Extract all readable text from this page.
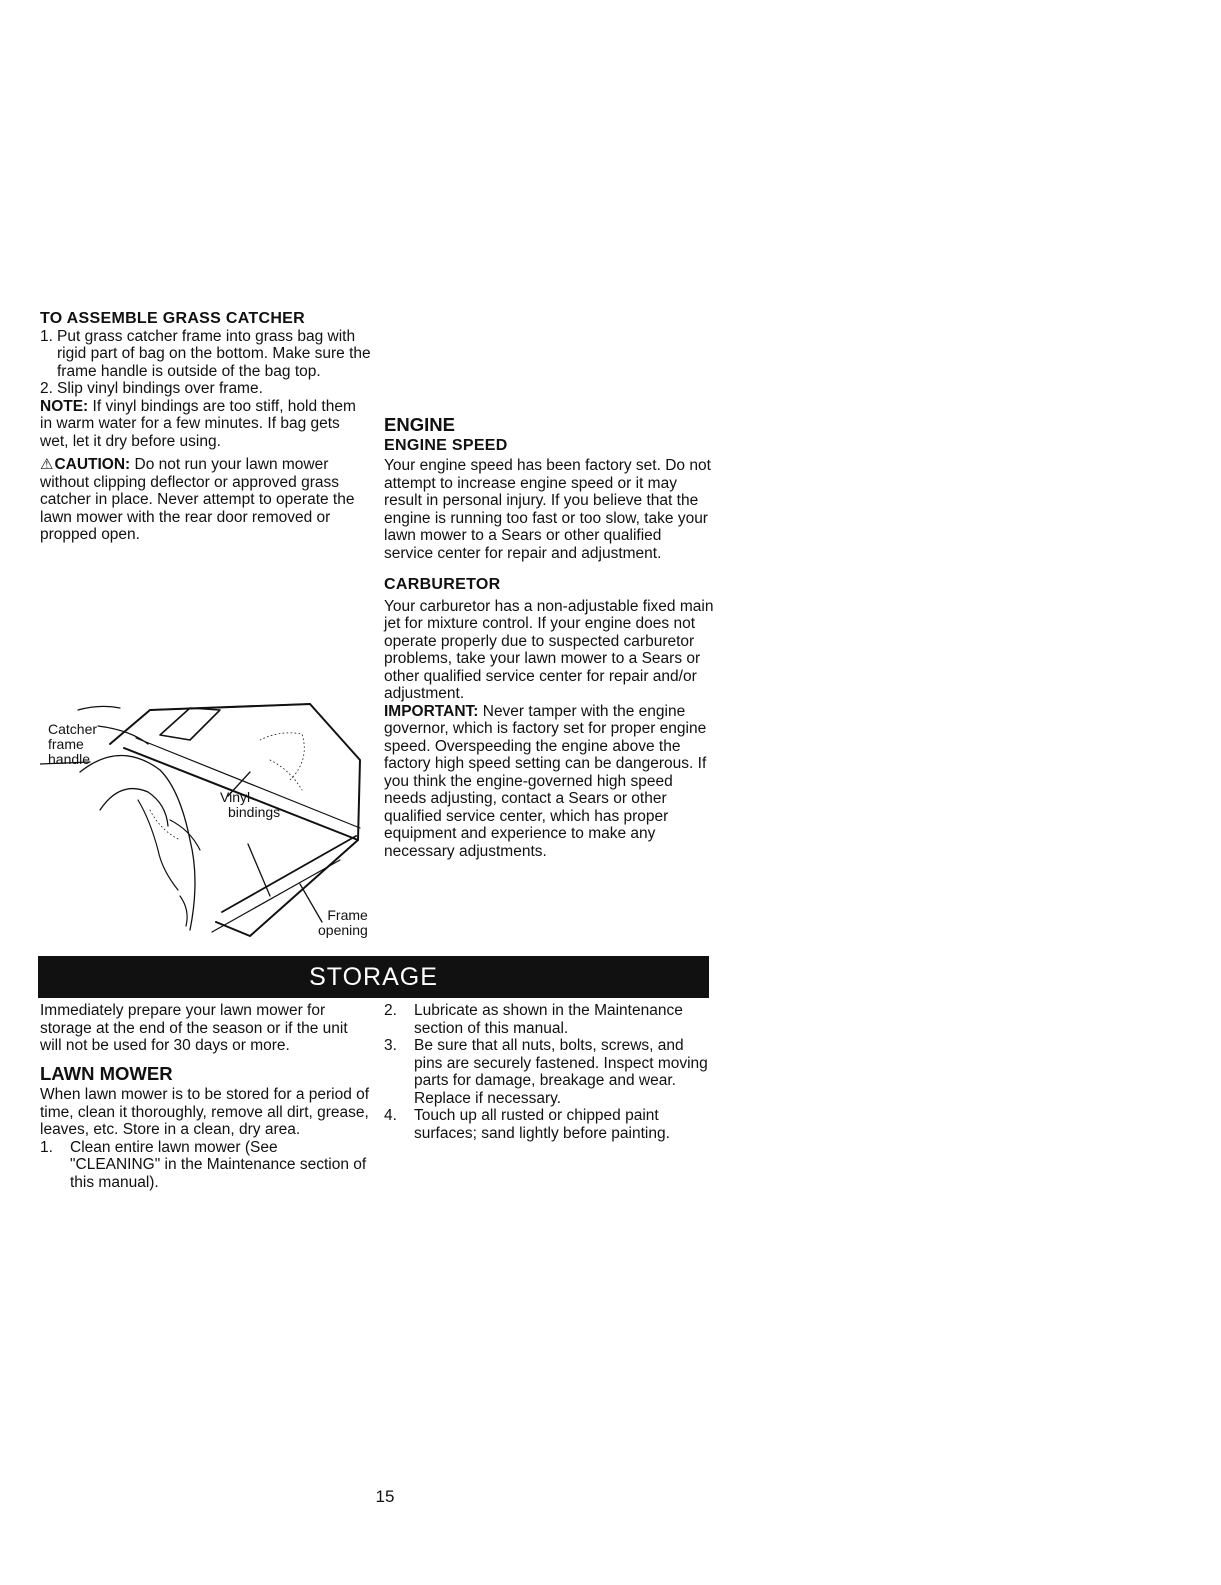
TO ASSEMBLE GRASS CATCHER

1. Put grass catcher frame into grass bag with rigid part of bag on the bottom. Make sure the frame handle is outside of the bag top.
2. Slip vinyl bindings over frame.

NOTE: If vinyl bindings are too stiff, hold them in warm water for a few minutes. If bag gets wet, let it dry before using.

⚠CAUTION: Do not run your lawn mower without clipping deflector or approved grass catcher in place. Never attempt to operate the lawn mower with the rear door removed or propped open.

Catcher
frame
handle
Vinyl
bindings
Frame
opening

ENGINE

ENGINE SPEED

Your engine speed has been factory set. Do not attempt to increase engine speed or it may result in personal injury. If you believe that the engine is running too fast or too slow, take your lawn mower to a Sears or other qualified service center for repair and adjustment.

CARBURETOR

Your carburetor has a non-adjustable fixed main jet for mixture control. If your engine does not operate properly due to suspected carburetor problems, take your lawn mower to a Sears or other qualified service center for repair and/or adjustment.

IMPORTANT: Never tamper with the engine governor, which is factory set for proper engine speed. Overspeeding the engine above the factory high speed setting can be dangerous. If you think the engine-governed high speed needs adjusting, contact a Sears or other qualified service center, which has proper equipment and experience to make any necessary adjustments.

STORAGE

Immediately prepare your lawn mower for storage at the end of the season or if the unit will not be used for 30 days or more.

LAWN MOWER

When lawn mower is to be stored for a period of time, clean it thoroughly, remove all dirt, grease, leaves, etc. Store in a clean, dry area.

1.	Clean entire lawn mower (See "CLEANING" in the Maintenance section of this manual).
2.	Lubricate as shown in the Maintenance section of this manual.
3.	Be sure that all nuts, bolts, screws, and pins are securely fastened. Inspect moving parts for damage, breakage and wear. Replace if necessary.
4.	Touch up all rusted or chipped paint surfaces; sand lightly before painting.
15
